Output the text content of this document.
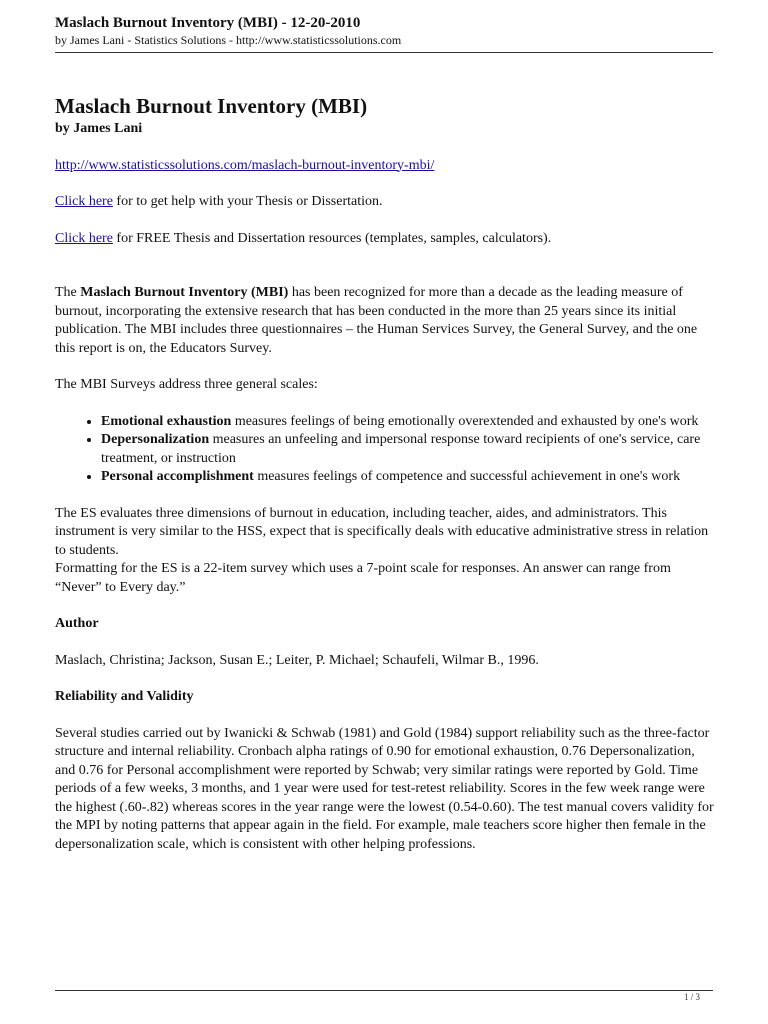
Maslach Burnout Inventory (MBI) - 12-20-2010
by James Lani - Statistics Solutions - http://www.statisticssolutions.com
Maslach Burnout Inventory (MBI)

by James Lani

http://www.statisticssolutions.com/maslach-burnout-inventory-mbi/

Click here for to get help with your Thesis or Dissertation.

Click here for FREE Thesis and Dissertation resources (templates, samples, calculators).

The Maslach Burnout Inventory (MBI) has been recognized for more than a decade as the leading measure of burnout, incorporating the extensive research that has been conducted in the more than 25 years since its initial publication. The MBI includes three questionnaires – the Human Services Survey, the General Survey, and the one this report is on, the Educators Survey.

The MBI Surveys address three general scales:

• Emotional exhaustion measures feelings of being emotionally overextended and exhausted by one's work
• Depersonalization measures an unfeeling and impersonal response toward recipients of one's service, care treatment, or instruction
• Personal accomplishment measures feelings of competence and successful achievement in one's work

The ES evaluates three dimensions of burnout in education, including teacher, aides, and administrators. This instrument is very similar to the HSS, expect that is specifically deals with educative administrative stress in relation to students.

Formatting for the ES is a 22-item survey which uses a 7-point scale for responses. An answer can range from “Never” to Every day.”

Author

Maslach, Christina; Jackson, Susan E.; Leiter, P. Michael; Schaufeli, Wilmar B., 1996.

Reliability and Validity

Several studies carried out by Iwanicki & Schwab (1981) and Gold (1984) support reliability such as the three-factor structure and internal reliability. Cronbach alpha ratings of 0.90 for emotional exhaustion, 0.76 Depersonalization, and 0.76 for Personal accomplishment were reported by Schwab; very similar ratings were reported by Gold. Time periods of a few weeks, 3 months, and 1 year were used for test-retest reliability. Scores in the few week range were the highest (.60-.82) whereas scores in the year range were the lowest (0.54-0.60). The test manual covers validity for the MPI by noting patterns that appear again in the field. For example, male teachers score higher then female in the depersonalization scale, which is consistent with other helping professions.

1 / 3
